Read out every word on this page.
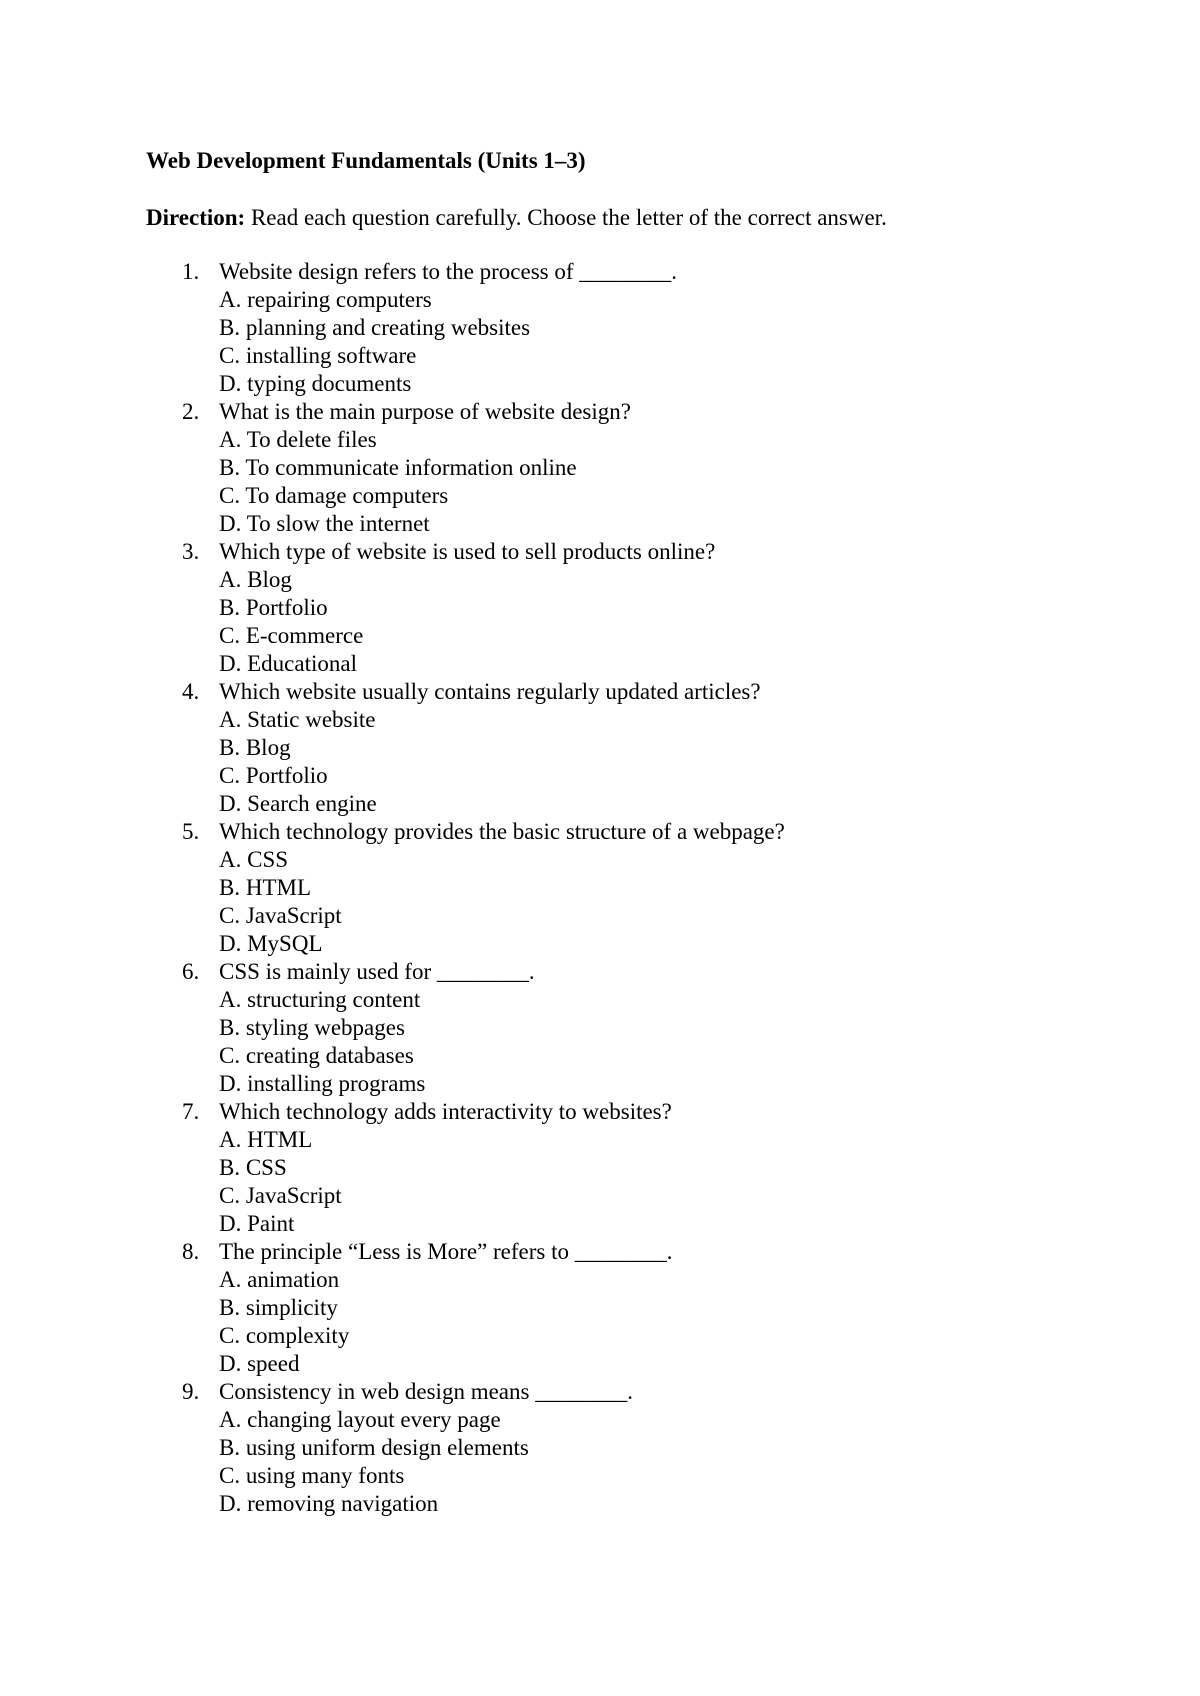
Web Development Fundamentals (Units 1–3)
Direction: Read each question carefully. Choose the letter of the correct answer.
1. Website design refers to the process of ________.
A. repairing computers
B. planning and creating websites
C. installing software
D. typing documents
2. What is the main purpose of website design?
A. To delete files
B. To communicate information online
C. To damage computers
D. To slow the internet
3. Which type of website is used to sell products online?
A. Blog
B. Portfolio
C. E-commerce
D. Educational
4. Which website usually contains regularly updated articles?
A. Static website
B. Blog
C. Portfolio
D. Search engine
5. Which technology provides the basic structure of a webpage?
A. CSS
B. HTML
C. JavaScript
D. MySQL
6. CSS is mainly used for ________.
A. structuring content
B. styling webpages
C. creating databases
D. installing programs
7. Which technology adds interactivity to websites?
A. HTML
B. CSS
C. JavaScript
D. Paint
8. The principle “Less is More” refers to ________.
A. animation
B. simplicity
C. complexity
D. speed
9. Consistency in web design means ________.
A. changing layout every page
B. using uniform design elements
C. using many fonts
D. removing navigation
